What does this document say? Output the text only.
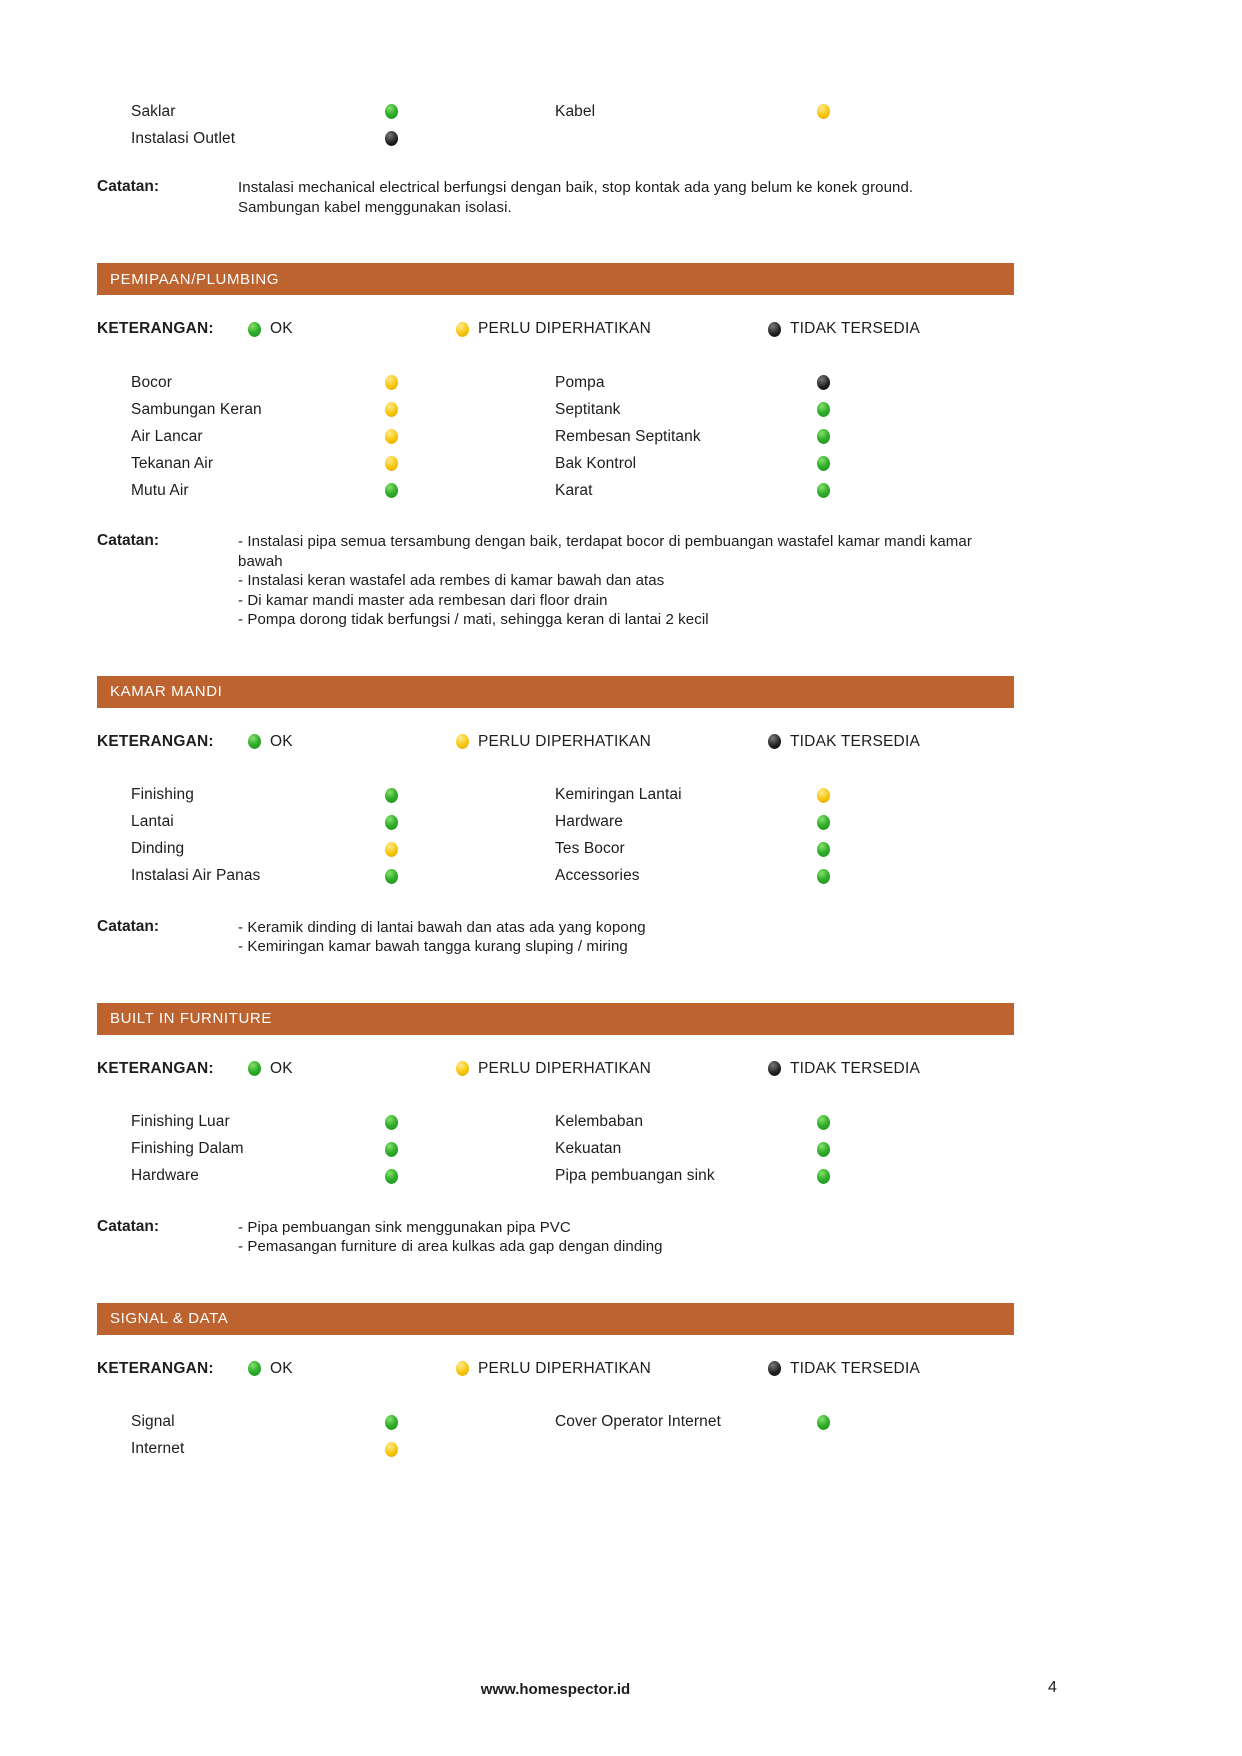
Saklar	Kabel
Instalasi Outlet
Catatan:	Instalasi mechanical electrical berfungsi dengan baik, stop kontak ada yang belum ke konek ground.

Sambungan kabel menggunakan isolasi.

PEMIPAAN/PLUMBING
KETERANGAN:	OK	PERLU DIPERHATIKAN	TIDAK TERSEDIA
Bocor	Pompa
Sambungan Keran	Septitank
Air Lancar	Rembesan Septitank
Tekanan Air	Bak Kontrol
Mutu Air	Karat
Catatan:	- Instalasi pipa semua tersambung dengan baik, terdapat bocor di pembuangan wastafel kamar mandi kamar bawah

- Instalasi keran wastafel ada rembes di kamar bawah dan atas

- Di kamar mandi master ada rembesan dari floor drain

- Pompa dorong tidak berfungsi / mati, sehingga keran di lantai 2 kecil

KAMAR MANDI
KETERANGAN:	OK	PERLU DIPERHATIKAN	TIDAK TERSEDIA
Finishing	Kemiringan Lantai
Lantai	Hardware
Dinding	Tes Bocor
Instalasi Air Panas	Accessories
Catatan:	- Keramik dinding di lantai bawah dan atas ada yang kopong

- Kemiringan kamar bawah tangga kurang sluping / miring

BUILT IN FURNITURE
KETERANGAN:	OK	PERLU DIPERHATIKAN	TIDAK TERSEDIA
Finishing Luar	Kelembaban
Finishing Dalam	Kekuatan
Hardware	Pipa pembuangan sink
Catatan:	- Pipa pembuangan sink menggunakan pipa PVC

- Pemasangan furniture di area kulkas ada gap dengan dinding

SIGNAL & DATA
KETERANGAN:	OK	PERLU DIPERHATIKAN	TIDAK TERSEDIA
Signal	Cover Operator Internet
Internet
www.homespector.id	4
